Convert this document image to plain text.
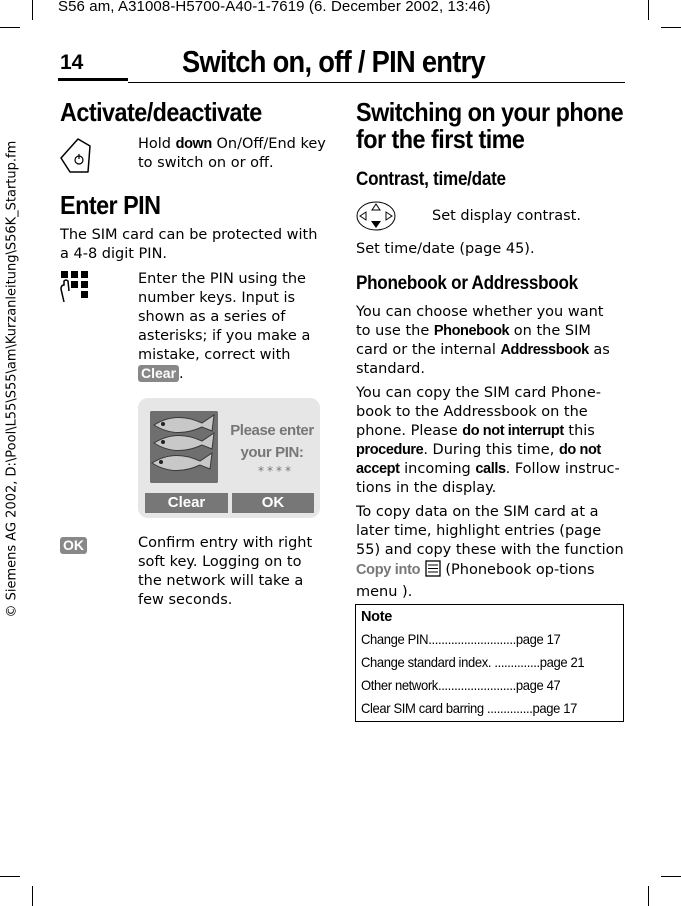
S56 am, A31008-H5700-A40-1-7619 (6. December 2002, 13:46)
© Siemens AG 2002, D:\Pool\L55\S55\am\Kurzanleitung\S56K_Startup.fm
14	Switch on, off / PIN entry
Activate/deactivate
Hold down On/Off/End key to switch on or off.
Enter PIN
The SIM card can be protected with a 4-8 digit PIN.
Enter the PIN using the number keys. Input is shown as a series of asterisks; if you make a mistake, correct with Clear .
Please enter
your PIN:
****
Clear	OK
OK	Confirm entry with right soft key. Logging on to the network will take a few seconds.
Switching on your phone for the first time
Contrast, time/date
Set display contrast.
Set time/date (page 45).
Phonebook or Addressbook
You can choose whether you want to use the Phonebook on the SIM card or the internal Addressbook as standard.
You can copy the SIM card Phone-book to the Addressbook on the phone. Please do not interrupt this procedure. During this time, do not accept incoming calls. Follow instruc-tions in the display.
To copy data on the SIM card at a later time, highlight entries (page 55) and copy these with the function Copy into  (Phonebook op-tions menu ).
Note
Change PIN...........................page 17
Change standard index. ..............page 21
Other network........................page 47
Clear SIM card barring ..............page 17
